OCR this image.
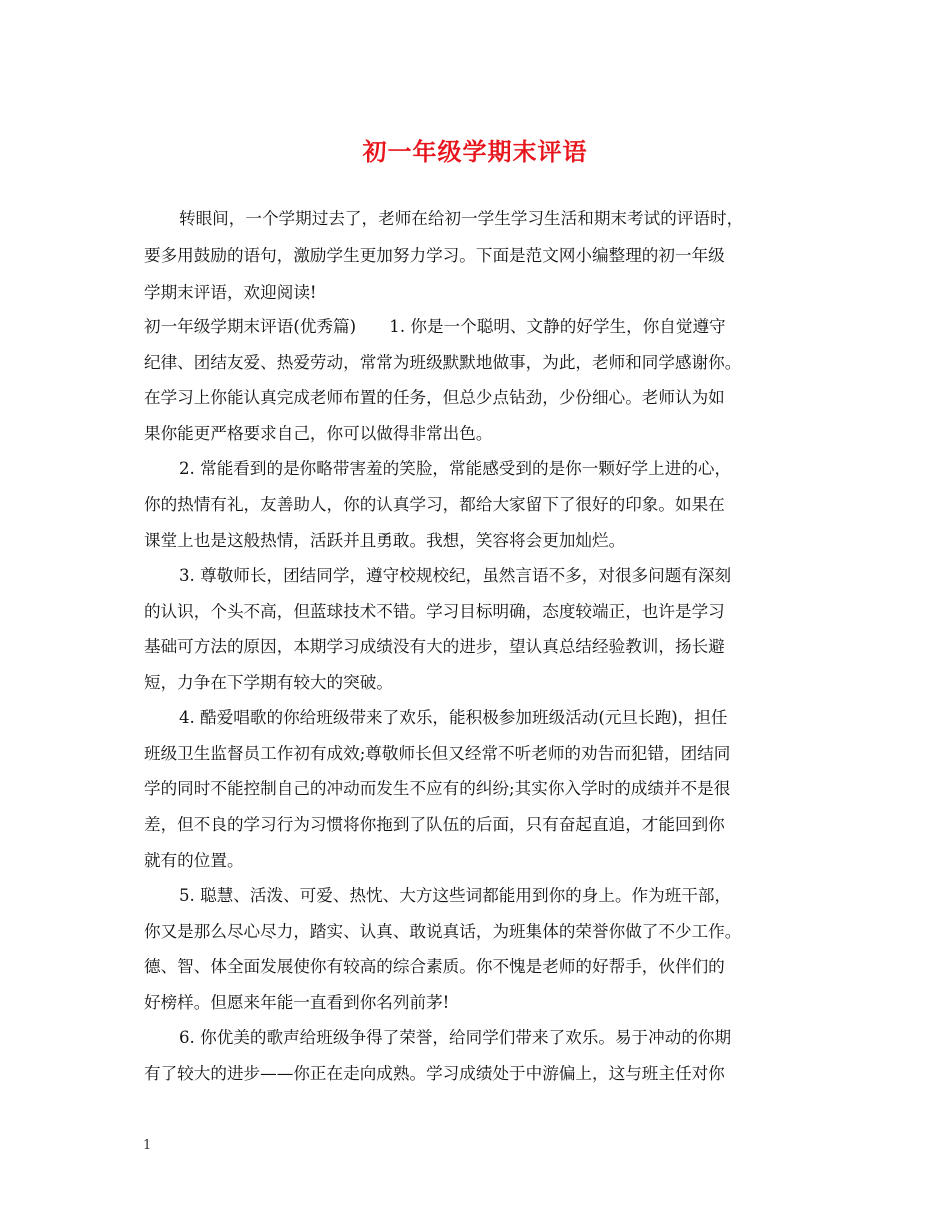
初一年级学期末评语
转眼间，一个学期过去了，老师在给初一学生学习生活和期末考试的评语时，
要多用鼓励的语句，激励学生更加努力学习。下面是范文网小编整理的初一年级
学期末评语，欢迎阅读!
初一年级学期末评语(优秀篇)　　1. 你是一个聪明、文静的好学生，你自觉遵守
纪律、团结友爱、热爱劳动，常常为班级默默地做事，为此，老师和同学感谢你。
在学习上你能认真完成老师布置的任务，但总少点钻劲，少份细心。老师认为如
果你能更严格要求自己，你可以做得非常出色。
2. 常能看到的是你略带害羞的笑脸，常能感受到的是你一颗好学上进的心，
你的热情有礼，友善助人，你的认真学习，都给大家留下了很好的印象。如果在
课堂上也是这般热情，活跃并且勇敢。我想，笑容将会更加灿烂。
3. 尊敬师长，团结同学，遵守校规校纪，虽然言语不多，对很多问题有深刻
的认识，个头不高，但蓝球技术不错。学习目标明确，态度较端正，也许是学习
基础可方法的原因，本期学习成绩没有大的进步，望认真总结经验教训，扬长避
短，力争在下学期有较大的突破。
4. 酷爱唱歌的你给班级带来了欢乐，能积极参加班级活动(元旦长跑)，担任
班级卫生监督员工作初有成效;尊敬师长但又经常不听老师的劝告而犯错，团结同
学的同时不能控制自己的冲动而发生不应有的纠纷;其实你入学时的成绩并不是很
差，但不良的学习行为习惯将你拖到了队伍的后面，只有奋起直追，才能回到你
就有的位置。
5. 聪慧、活泼、可爱、热忱、大方这些词都能用到你的身上。作为班干部，
你又是那么尽心尽力，踏实、认真、敢说真话，为班集体的荣誉你做了不少工作。
德、智、体全面发展使你有较高的综合素质。你不愧是老师的好帮手，伙伴们的
好榜样。但愿来年能一直看到你名列前茅!
6. 你优美的歌声给班级争得了荣誉，给同学们带来了欢乐。易于冲动的你期
有了较大的进步——你正在走向成熟。学习成绩处于中游偏上，这与班主任对你
1
